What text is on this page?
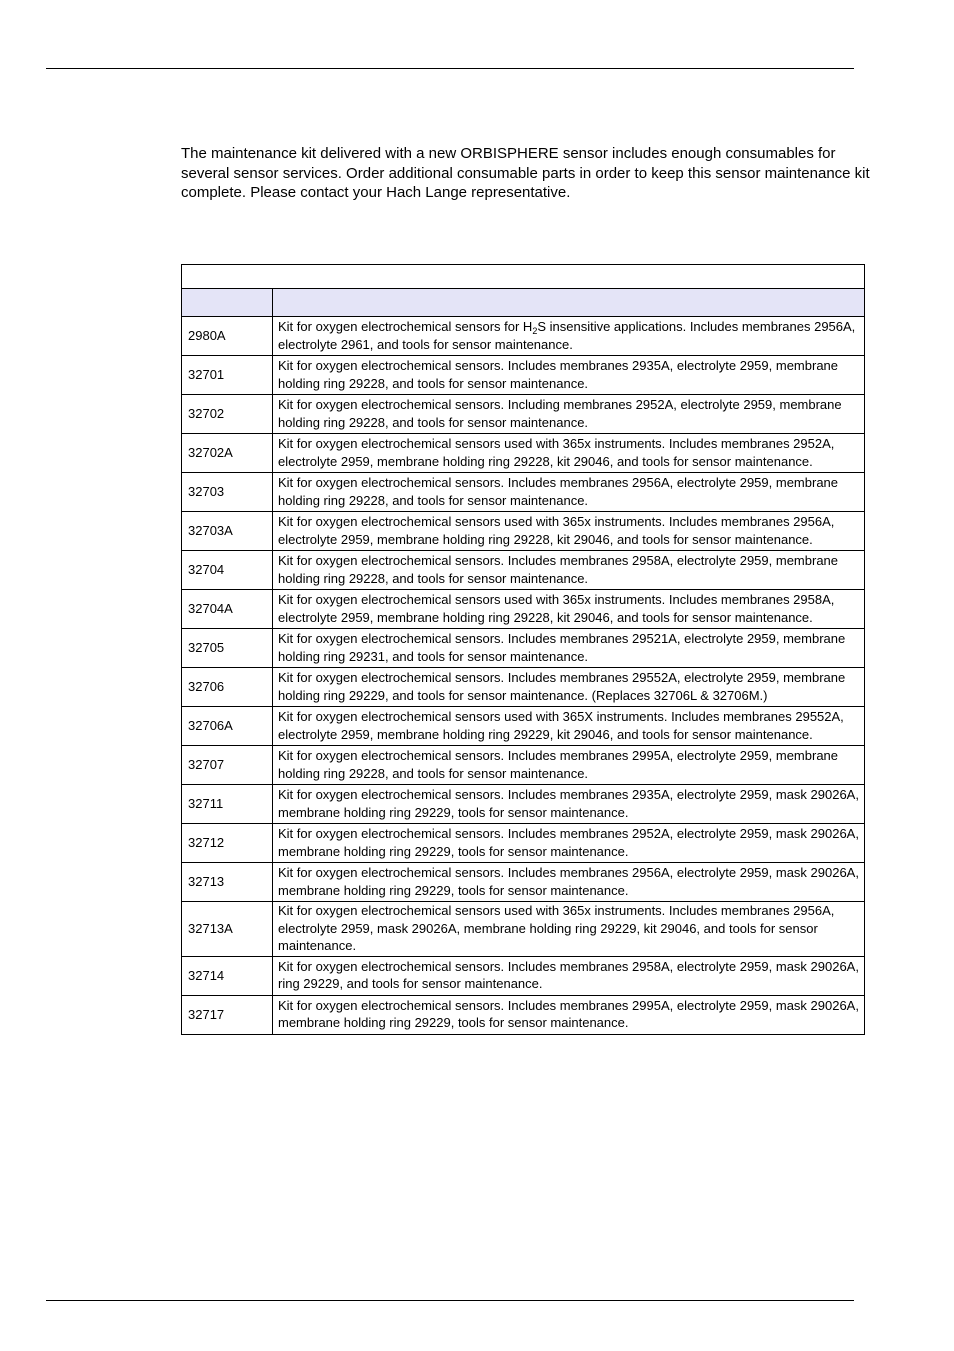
The maintenance kit delivered with a new ORBISPHERE sensor includes enough consumables for several sensor services. Order additional consumable parts in order to keep this sensor maintenance kit complete. Please contact your Hach Lange representative.

2980A	Kit for oxygen electrochemical sensors for $H_2S$ insensitive applications. Includes membranes 2956A, electrolyte 2961, and tools for sensor maintenance.
32701	Kit for oxygen electrochemical sensors. Includes membranes 2935A, electrolyte 2959, membrane holding ring 29228, and tools for sensor maintenance.
32702	Kit for oxygen electrochemical sensors. Including membranes 2952A, electrolyte 2959, membrane holding ring 29228, and tools for sensor maintenance.
32702A	Kit for oxygen electrochemical sensors used with 365x instruments. Includes membranes 2952A, electrolyte 2959, membrane holding ring 29228, kit 29046, and tools for sensor maintenance.
32703	Kit for oxygen electrochemical sensors. Includes membranes 2956A, electrolyte 2959, membrane holding ring 29228, and tools for sensor maintenance.
32703A	Kit for oxygen electrochemical sensors used with 365x instruments. Includes membranes 2956A, electrolyte 2959, membrane holding ring 29228, kit 29046, and tools for sensor maintenance.
32704	Kit for oxygen electrochemical sensors. Includes membranes 2958A, electrolyte 2959, membrane holding ring 29228, and tools for sensor maintenance.
32704A	Kit for oxygen electrochemical sensors used with 365x instruments. Includes membranes 2958A, electrolyte 2959, membrane holding ring 29228, kit 29046, and tools for sensor maintenance.
32705	Kit for oxygen electrochemical sensors. Includes membranes 29521A, electrolyte 2959, membrane holding ring 29231, and tools for sensor maintenance.
32706	Kit for oxygen electrochemical sensors. Includes membranes 29552A, electrolyte 2959, membrane holding ring 29229, and tools for sensor maintenance. (Replaces 32706L & 32706M.)
32706A	Kit for oxygen electrochemical sensors used with 365X instruments. Includes membranes 29552A, electrolyte 2959, membrane holding ring 29229, kit 29046, and tools for sensor maintenance.
32707	Kit for oxygen electrochemical sensors. Includes membranes 2995A, electrolyte 2959, membrane holding ring 29228, and tools for sensor maintenance.
32711	Kit for oxygen electrochemical sensors. Includes membranes 2935A, electrolyte 2959, mask 29026A, membrane holding ring 29229, tools for sensor maintenance.
32712	Kit for oxygen electrochemical sensors. Includes membranes 2952A, electrolyte 2959, mask 29026A, membrane holding ring 29229, tools for sensor maintenance.
32713	Kit for oxygen electrochemical sensors. Includes membranes 2956A, electrolyte 2959, mask 29026A, membrane holding ring 29229, tools for sensor maintenance.
32713A	Kit for oxygen electrochemical sensors used with 365x instruments. Includes membranes 2956A, electrolyte 2959, mask 29026A, membrane holding ring 29229, kit 29046, and tools for sensor maintenance.
32714	Kit for oxygen electrochemical sensors. Includes membranes 2958A, electrolyte 2959, mask 29026A, ring 29229, and tools for sensor maintenance.
32717	Kit for oxygen electrochemical sensors. Includes membranes 2995A, electrolyte 2959, mask 29026A, membrane holding ring 29229, tools for sensor maintenance.
